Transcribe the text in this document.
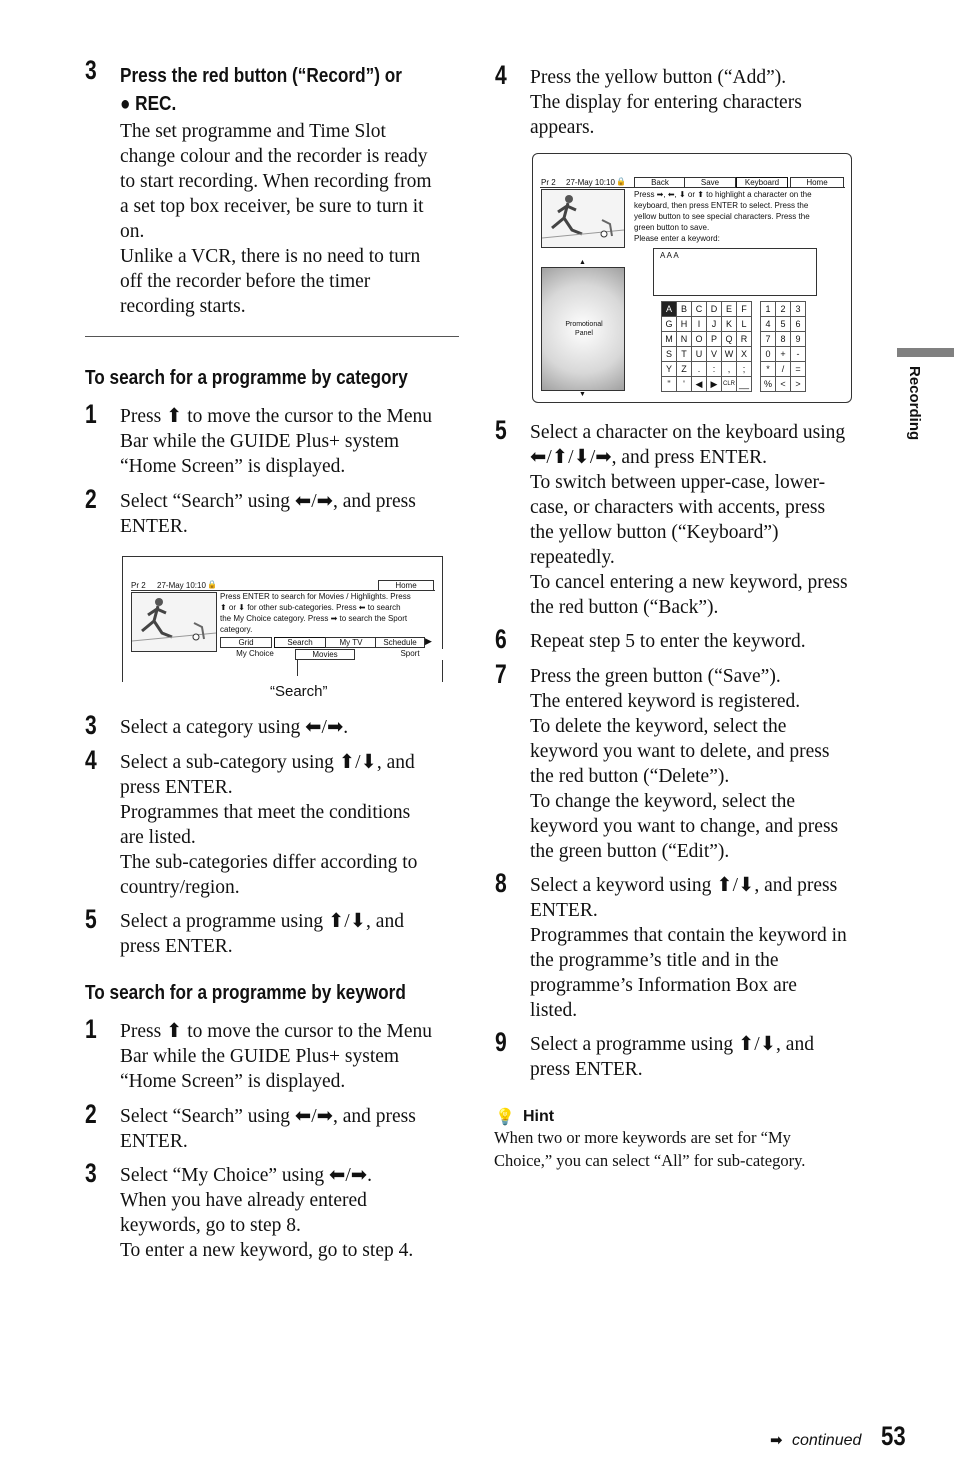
3 Press the red button (“Record”) or
● REC.
The set programme and Time Slot
change colour and the recorder is ready
to start recording. When recording from
a set top box receiver, be sure to turn it
on.
Unlike a VCR, there is no need to turn
off the recorder before the timer
recording starts.
To search for a programme by category
Pr 2 27-May 10:10 🔒	Home
Press ENTER to search for Movies / Highlights. Press
⬆ or ⬇ for other sub-categories. Press ⬅ to search
the My Choice category. Press ➡ to search the Sport
category.
▶
Grid	Search	My TV	Schedule
My Choice	Movies	Sport
“Search”
To search for a programme by keyword
Pr 2 27-May 10:10 🔒
Press ➡, ⬅, ⬇ or ⬆ to highlight a character on the
keyboard, then press ENTER to select. Press the
yellow button to see special characters. Press the
green button to save.
Please enter a keyword:
A A A
▲
Promotional
Panel
▼
A	B	C	D	E	F
G	H	I	J	K	L
M	N	O	P	Q	R
S	T	U	V	W	X
Y	Z	.	:	,	;
"	'	◀	▶	CLR	__
1	2	3
4	5	6
7	8	9
0	+	-
*	/	=
%	<	>
Back	Save	Keyboard	Home
💡 Hint
When two or more keywords are set for “My
Choice,” you can select “All” for sub-category.
Recording
➡ continued 53
1 Press ⬆ to move the cursor to the Menu
Bar while the GUIDE Plus+ system
“Home Screen” is displayed.
2 Select “Search” using ⬅/➡, and press
ENTER.
3 Select a category using ⬅/➡.
4 Select a sub-category using ⬆/⬇, and
press ENTER.
Programmes that meet the conditions
are listed.
The sub-categories differ according to
country/region.
5 Select a programme using ⬆/⬇, and
press ENTER.
1 Press ⬆ to move the cursor to the Menu
Bar while the GUIDE Plus+ system
“Home Screen” is displayed.
2 Select “Search” using ⬅/➡, and press
ENTER.
3 Select “My Choice” using ⬅/➡.
When you have already entered
keywords, go to step 8.
To enter a new keyword, go to step 4.
4 Press the yellow button (“Add”).
The display for entering characters
appears.
5 Select a character on the keyboard using
⬅/⬆/⬇/➡, and press ENTER.
To switch between upper-case, lower-
case, or characters with accents, press
the yellow button (“Keyboard”)
repeatedly.
To cancel entering a new keyword, press
the red button (“Back”).
6 Repeat step 5 to enter the keyword.
7 Press the green button (“Save”).
The entered keyword is registered.
To delete the keyword, select the
keyword you want to delete, and press
the red button (“Delete”).
To change the keyword, select the
keyword you want to change, and press
the green button (“Edit”).
8 Select a keyword using ⬆/⬇, and press
ENTER.
Programmes that contain the keyword in
the programme’s title and in the
programme’s Information Box are
listed.
9 Select a programme using ⬆/⬇, and
press ENTER.
